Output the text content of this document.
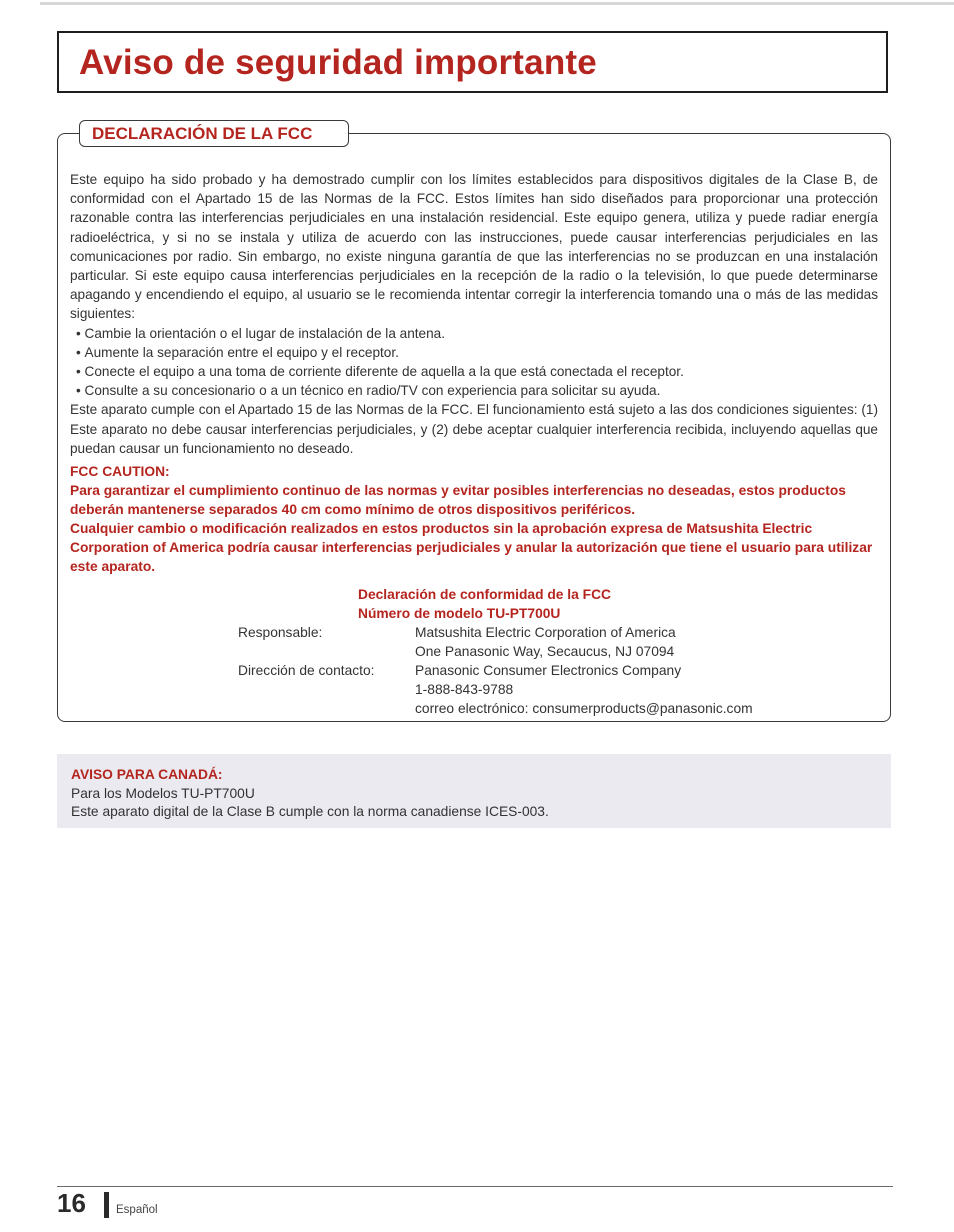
Aviso de seguridad importante
DECLARACIÓN DE LA FCC

Este equipo ha sido probado y ha demostrado cumplir con los límites establecidos para dispositivos digitales de la Clase B, de conformidad con el Apartado 15 de las Normas de la FCC. Estos límites han sido diseñados para proporcionar una protección razonable contra las interferencias perjudiciales en una instalación residencial. Este equipo genera, utiliza y puede radiar energía radioeléctrica, y si no se instala y utiliza de acuerdo con las instrucciones, puede causar interferencias perjudiciales en las comunicaciones por radio. Sin embargo, no existe ninguna garantía de que las interferencias no se produzcan en una instalación particular. Si este equipo causa interferencias perjudiciales en la recepción de la radio o la televisión, lo que puede determinarse apagando y encendiendo el equipo, al usuario se le recomienda intentar corregir la interferencia tomando una o más de las medidas siguientes:

• Cambie la orientación o el lugar de instalación de la antena.
• Aumente la separación entre el equipo y el receptor.
• Conecte el equipo a una toma de corriente diferente de aquella a la que está conectada el receptor.
• Consulte a su concesionario o a un técnico en radio/TV con experiencia para solicitar su ayuda.

Este aparato cumple con el Apartado 15 de las Normas de la FCC. El funcionamiento está sujeto a las dos condiciones siguientes: (1) Este aparato no debe causar interferencias perjudiciales, y (2) debe aceptar cualquier interferencia recibida, incluyendo aquellas que puedan causar un funcionamiento no deseado.

FCC CAUTION:

Para garantizar el cumplimiento continuo de las normas y evitar posibles interferencias no deseadas, estos productos deberán mantenerse separados 40 cm como mínimo de otros dispositivos periféricos.

Cualquier cambio o modificación realizados en estos productos sin la aprobación expresa de Matsushita Electric Corporation of America podría causar interferencias perjudiciales y anular la autorización que tiene el usuario para utilizar este aparato.

Declaración de conformidad de la FCC
Número de modelo TU-PT700U
Responsable:	Matsushita Electric Corporation of America
One Panasonic Way, Secaucus, NJ 07094
Dirección de contacto:	Panasonic Consumer Electronics Company
1-888-843-9788
correo electrónico: consumerproducts@panasonic.com
AVISO PARA CANADÁ:
Para los Modelos TU-PT700U
Este aparato digital de la Clase B cumple con la norma canadiense ICES-003.
16	Español
